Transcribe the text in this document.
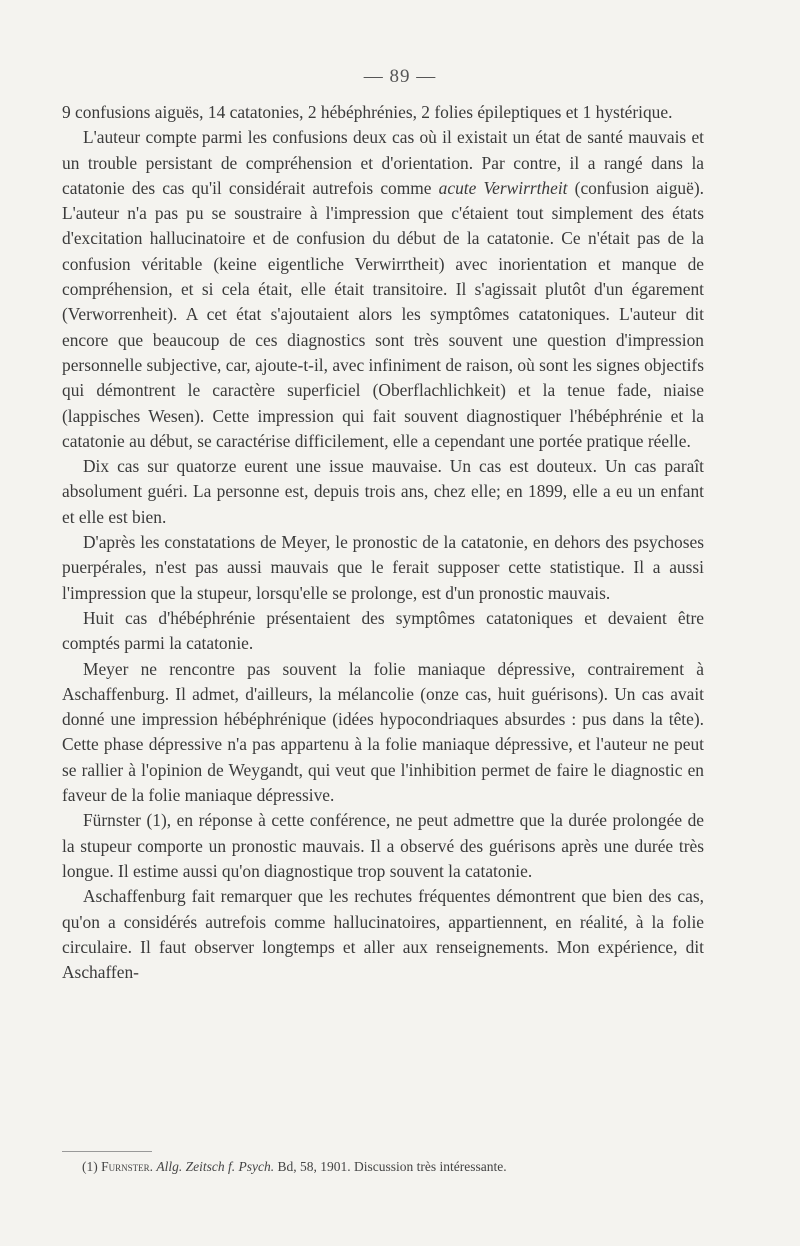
— 89 —

9 confusions aiguës, 14 catatonies, 2 hébéphrénies, 2 folies épileptiques et 1 hystérique.

L'auteur compte parmi les confusions deux cas où il existait un état de santé mauvais et un trouble persistant de compréhension et d'orientation. Par contre, il a rangé dans la catatonie des cas qu'il considérait autrefois comme acute Verwirrtheit (confusion aiguë). L'auteur n'a pas pu se soustraire à l'impression que c'étaient tout simplement des états d'excitation hallucinatoire et de confusion du début de la catatonie. Ce n'était pas de la confusion véritable (keine eigentliche Verwirrtheit) avec inorientation et manque de compréhension, et si cela était, elle était transitoire. Il s'agissait plutôt d'un égarement (Verworrenheit). A cet état s'ajoutaient alors les symptômes catatoniques. L'auteur dit encore que beaucoup de ces diagnostics sont très souvent une question d'impression personnelle subjective, car, ajoute-t-il, avec infiniment de raison, où sont les signes objectifs qui démontrent le caractère superficiel (Oberflachlichkeit) et la tenue fade, niaise (lappisches Wesen). Cette impression qui fait souvent diagnostiquer l'hébéphrénie et la catatonie au début, se caractérise difficilement, elle a cependant une portée pratique réelle.

Dix cas sur quatorze eurent une issue mauvaise. Un cas est douteux. Un cas paraît absolument guéri. La personne est, depuis trois ans, chez elle; en 1899, elle a eu un enfant et elle est bien.

D'après les constatations de Meyer, le pronostic de la catatonie, en dehors des psychoses puerpérales, n'est pas aussi mauvais que le ferait supposer cette statistique. Il a aussi l'impression que la stupeur, lorsqu'elle se prolonge, est d'un pronostic mauvais.

Huit cas d'hébéphrénie présentaient des symptômes catatoniques et devaient être comptés parmi la catatonie.

Meyer ne rencontre pas souvent la folie maniaque dépressive, contrairement à Aschaffenburg. Il admet, d'ailleurs, la mélancolie (onze cas, huit guérisons). Un cas avait donné une impression hébéphrénique (idées hypocondriaques absurdes : pus dans la tête). Cette phase dépressive n'a pas appartenu à la folie maniaque dépressive, et l'auteur ne peut se rallier à l'opinion de Weygandt, qui veut que l'inhibition permet de faire le diagnostic en faveur de la folie maniaque dépressive.

Fürnster (1), en réponse à cette conférence, ne peut admettre que la durée prolongée de la stupeur comporte un pronostic mauvais. Il a observé des guérisons après une durée très longue. Il estime aussi qu'on diagnostique trop souvent la catatonie.

Aschaffenburg fait remarquer que les rechutes fréquentes démontrent que bien des cas, qu'on a considérés autrefois comme hallucinatoires, appartiennent, en réalité, à la folie circulaire. Il faut observer longtemps et aller aux renseignements. Mon expérience, dit Aschaffen-

(1) Furnster. Allg. Zeitsch f. Psych. Bd, 58, 1901. Discussion très intéressante.
